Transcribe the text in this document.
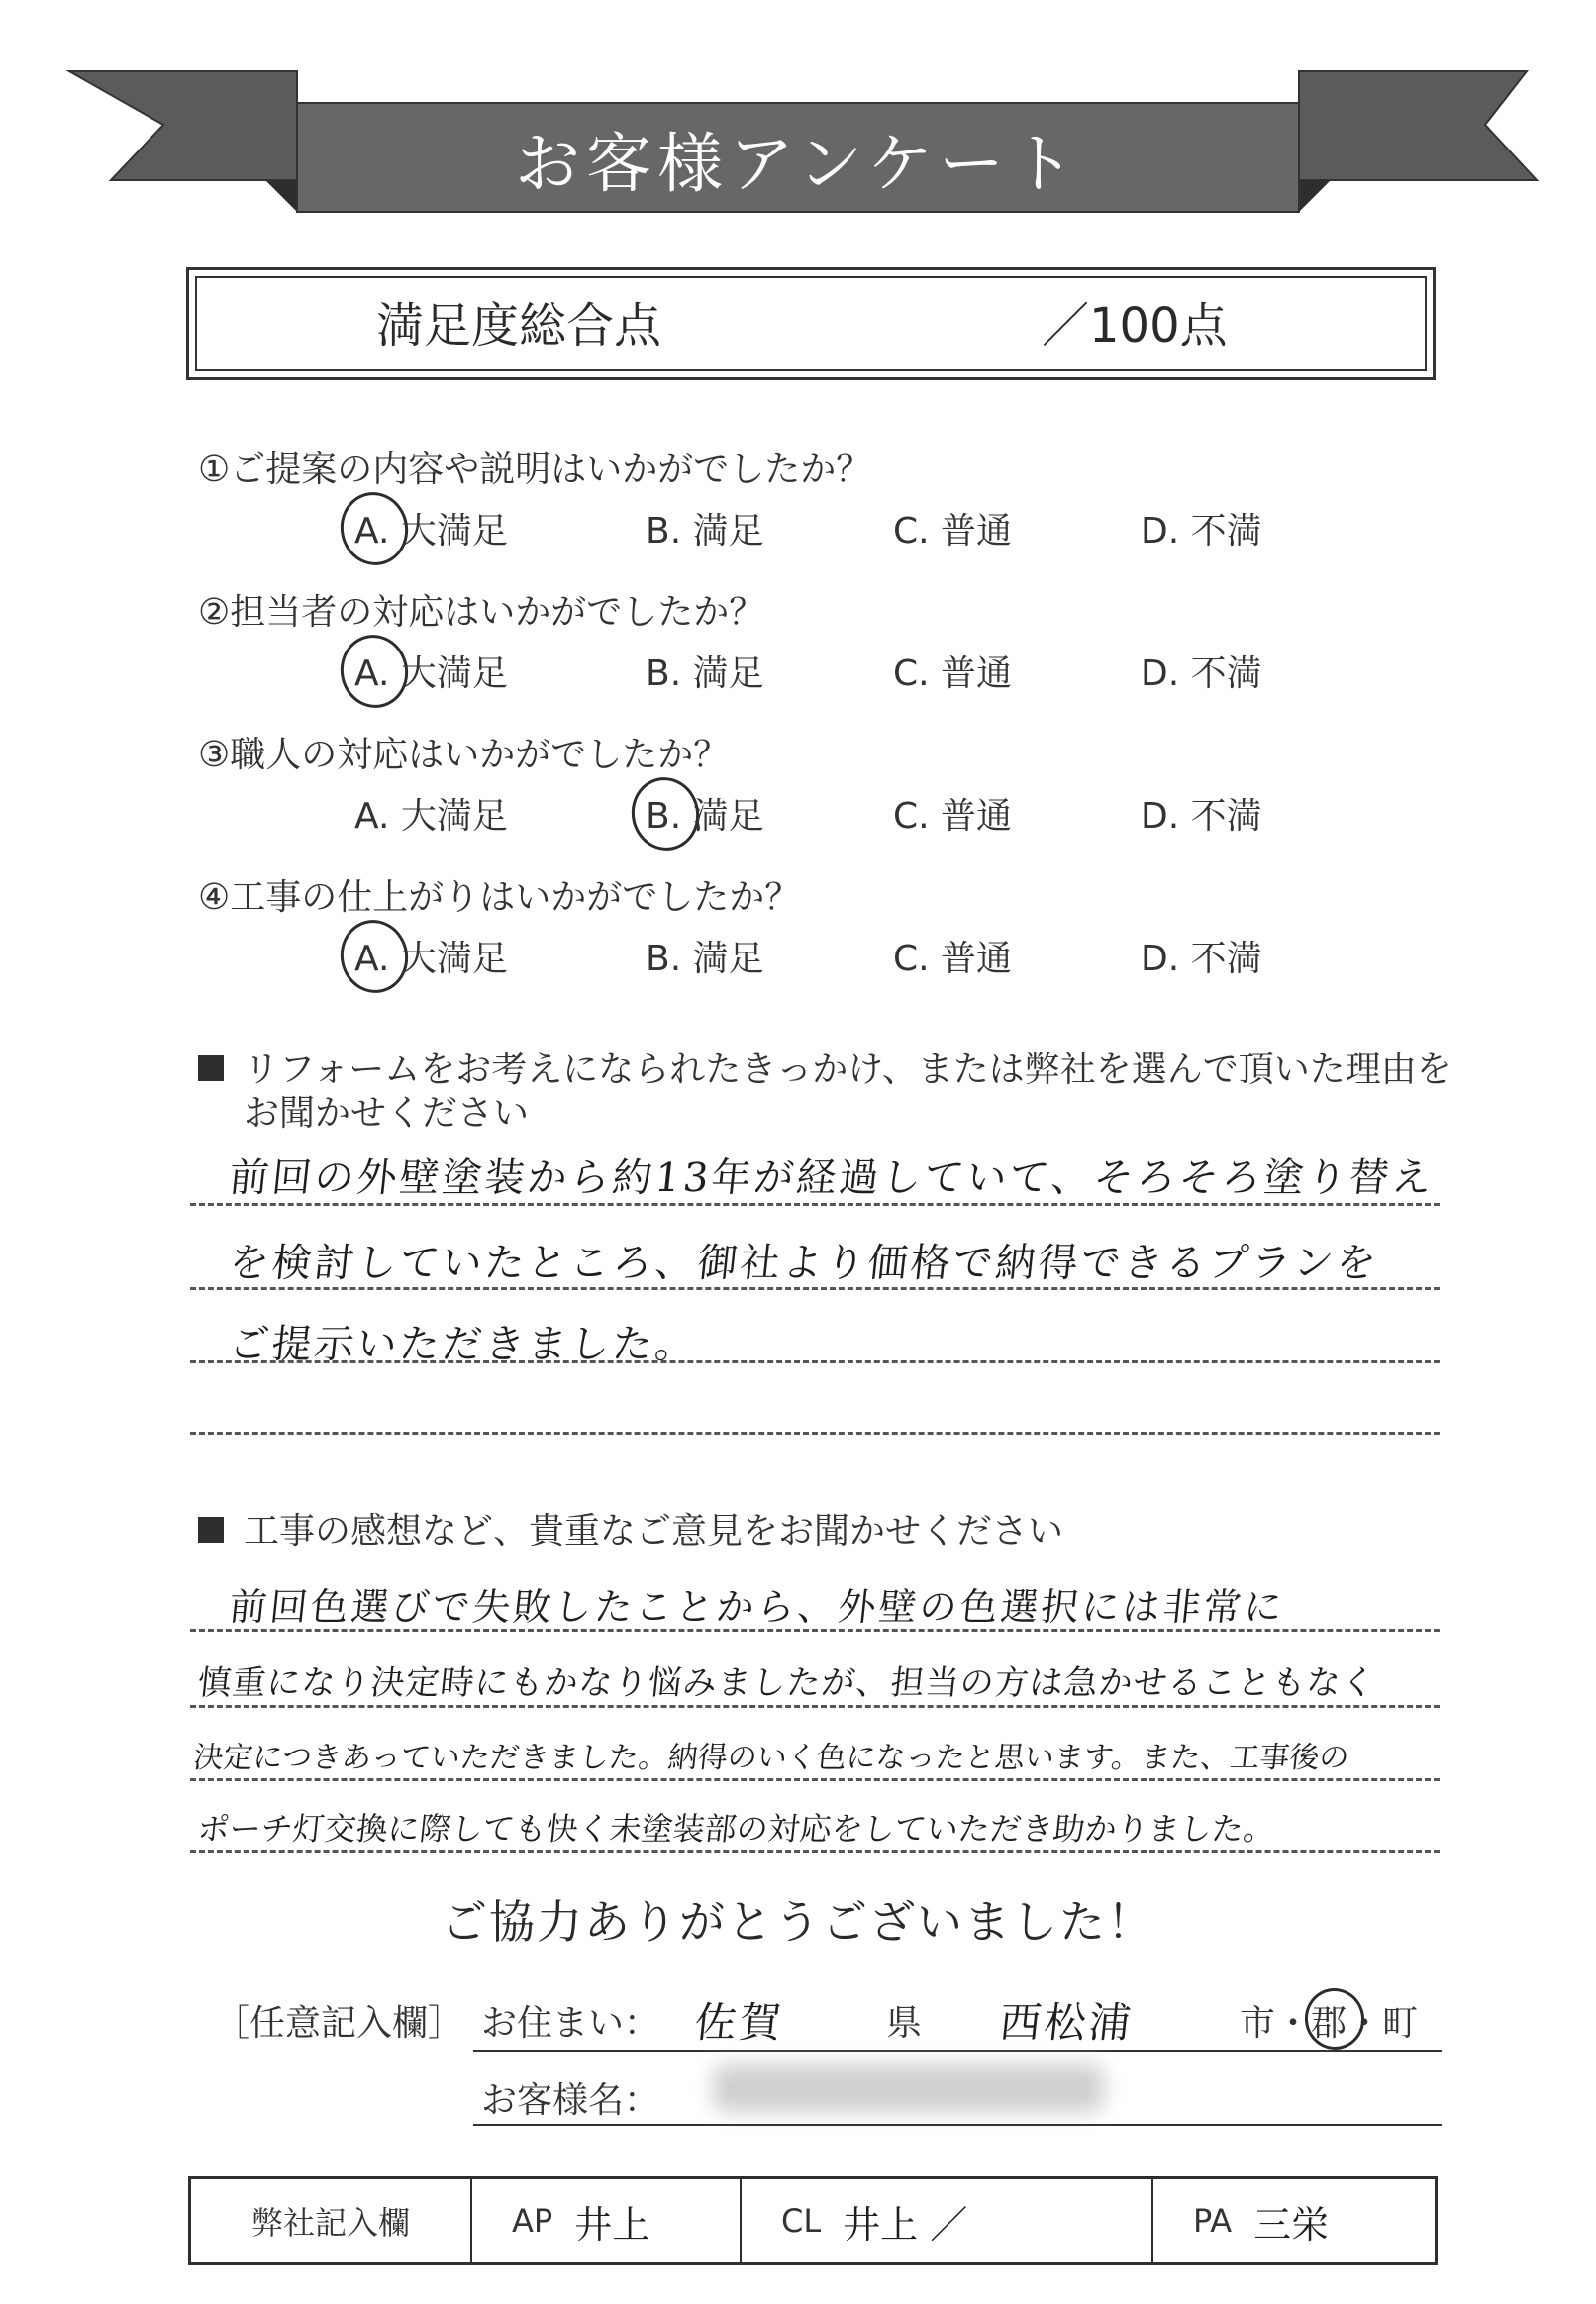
お客様アンケート
満足度総合点	／100点
①ご提案の内容や説明はいかがでしたか？
A. 大満足	B. 満足	C. 普通	D. 不満
②担当者の対応はいかがでしたか？
A. 大満足	B. 満足	C. 普通	D. 不満
③職人の対応はいかがでしたか？
A. 大満足	B. 満足	C. 普通	D. 不満
④工事の仕上がりはいかがでしたか？
A. 大満足	B. 満足	C. 普通	D. 不満
リフォームをお考えになられたきっかけ、または弊社を選んで頂いた理由を
お聞かせください
前回の外壁塗装から約13年が経過していて、そろそろ塗り替え
を検討していたところ、御社より価格で納得できるプランを
ご提示いただきました。
工事の感想など、貴重なご意見をお聞かせください
前回色選びで失敗したことから、外壁の色選択には非常に
慎重になり決定時にもかなり悩みましたが、担当の方は急かせることもなく
決定につきあっていただきました。納得のいく色になったと思います。また、工事後の
ポーチ灯交換に際しても快く未塗装部の対応をしていただき助かりました。
ご協力ありがとうございました！
［任意記入欄］ お住まい： 佐賀	県 西松浦	市・郡・町
お客様名：
弊社記入欄	AP 井上	CL 井上 ／	PA 三栄
